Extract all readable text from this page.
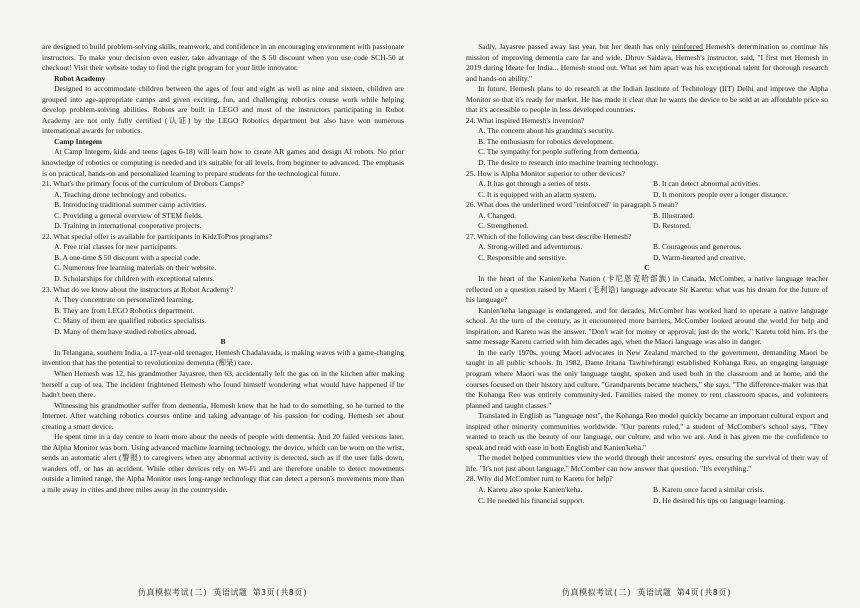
are designed to build problem-solving skills, teamwork, and confidence in an encouraging environment with passionate instructors. To make your decision even easier, take advantage of the $ 50 discount when you use code SCH-50 at checkout! Visit their website today to find the right program for your little innovator.

Robot Academy

Designed to accommodate children between the ages of four and eight as well as nine and sixteen, children are grouped into age-appropriate camps and given exciting, fun, and challenging robotics course work while helping develop problem-solving abilities. Robots are built in LEGO and most of the instructors participating in Robot Academy are not only fully certified (认证) by the LEGO Robotics department but also have won numerous international awards for robotics.

Camp Integem

At Camp Integem, kids and teens (ages 6-18) will learn how to create AR games and design AI robots. No prior knowledge of robotics or computing is needed and it's suitable for all levels, from beginner to advanced. The emphasis is on practical, hands-on and personalized learning to prepare students for the technological future.

21. What's the primary focus of the curriculum of Drobots Camps?

A. Teaching drone technology and robotics.

B. Introducing traditional summer camp activities.

C. Providing a general overview of STEM fields.

D. Training in international cooperative projects.

22. What special offer is available for participants in KidzToPros programs?

A. Free trial classes for new participants.

B. A one-time $ 50 discount with a special code.

C. Numerous free learning materials on their website.

D. Scholarships for children with exceptional talents.

23. What do we know about the instructors at Robot Academy?

A. They concentrate on personalized learning.

B. They are from LEGO Robotics department.

C. Many of them are qualified robotics specialists.

D. Many of them have studied robotics abroad.

B

In Telangana, southern India, a 17-year-old teenager, Hemesh Chadalavada, is making waves with a game-changing invention that has the potential to revolutionize dementia (痴呆) care.

When Hemesh was 12, his grandmother Jayasree, then 63, accidentally left the gas on in the kitchen after making herself a cup of tea. The incident frightened Hemesh who found himself wondering what would have happened if he hadn't been there.

Witnessing his grandmother suffer from dementia, Hemesh knew that he had to do something, so he turned to the Internet. After watching robotics courses online and taking advantage of his passion for coding, Hemesh set about creating a smart device.

He spent time in a day centre to learn more about the needs of people with dementia. And 20 failed versions later, the Alpha Monitor was born. Using advanced machine learning technology, the device, which can be worn on the wrist, sends an automatic alert (警报) to caregivers when any abnormal activity is detected, such as if the user falls down, wanders off, or has an accident. While other devices rely on Wi-Fi and are therefore unable to detect movements outside a limited range, the Alpha Monitor uses long-range technology that can detect a person's movements more than a mile away in cities and three miles away in the countryside.

Sadly, Jayasree passed away last year, but her death has only reinforced Hemesh's determination to continue his mission of improving dementia care far and wide. Dhruv Saidava, Hemesh's instructor, said, "I first met Hemesh in 2019 during Ideate for India... Hemesh stood out. What set him apart was his exceptional talent for thorough research and hands-on ability."

In future, Hemesh plans to do research at the Indian Institute of Technology (IIT) Delhi and improve the Alpha Monitor so that it's ready for market. He has made it clear that he wants the device to be sold at an affordable price so that it's accessible to people in less developed countries.

24. What inspired Hemesh's invention?

A. The concern about his grandma's security.

B. The enthusiasm for robotics development.

C. The sympathy for people suffering from dementia.

D. The desire to research into machine learning technology.

25. How is Alpha Monitor superior to other devices?

A. It has got through a series of tests.	B. It can detect abnormal activities.
C. It is equipped with an alarm system.	D. It monitors people over a longer distance.

26. What does the underlined word "reinforced" in paragraph 5 mean?

A. Changed.	B. Illustrated.
C. Strengthened.	D. Restored.

27. Which of the following can best describe Hemesh?

A. Strong-willed and adventurous.	B. Courageous and generous.
C. Responsible and sensitive.	D. Warm-hearted and creative.

C

In the heart of the Kanien'keha Nation (卡尼恩克哈部族) in Canada, McComber, a native language teacher reflected on a question raised by Maori (毛利语) language advocate Sir Karetu: what was his dream for the future of his language?

Kanien'keha language is endangered, and for decades, McComber has worked hard to operate a native language school. At the turn of the century, as it encountered more barriers, McComber looked around the world for help and inspiration, and Karetu was the answer. "Don't wait for money or approval; just do the work," Karetu told him. It's the same message Karetu carried with him decades ago, when the Maori language was also in danger.

In the early 1970s, young Maori advocates in New Zealand marched to the government, demanding Maori be taught in all public schools. In 1982, Dame Iritana Tawhiwhirangi established Kohanga Reo, an engaging language program where Maori was the only language taught, spoken and used both in the classroom and at home, and the courses focused on their history and culture. "Grandparents became teachers," she says. "The difference-maker was that the Kohanga Reo was entirely community-led. Families raised the money to rent classroom spaces, and volunteers planned and taught classes."

Translated in English as "language nest", the Kohanga Reo model quickly became an important cultural export and inspired other minority communities worldwide. "Our parents ruled," a student of McComber's school says, "They wanted to teach us the beauty of our language, our culture, and who we are. And it has given me the confidence to speak and read with ease in both English and Kanien'keha."

The model helped communities view the world through their ancestors' eyes, ensuring the survival of their way of life. "It's not just about language," McComber can now answer that question. "It's everything."

28. Why did McComber turn to Karetu for help?

A. Karetu also spoke Kanien'keha.	B. Karetu once faced a similar crisis.
C. He needed his financial support.	D. He desired his tips on language learning.
仿真模拟考试(二) 英语试题 第3页(共8页)	仿真模拟考试(二) 英语试题 第4页(共8页)
